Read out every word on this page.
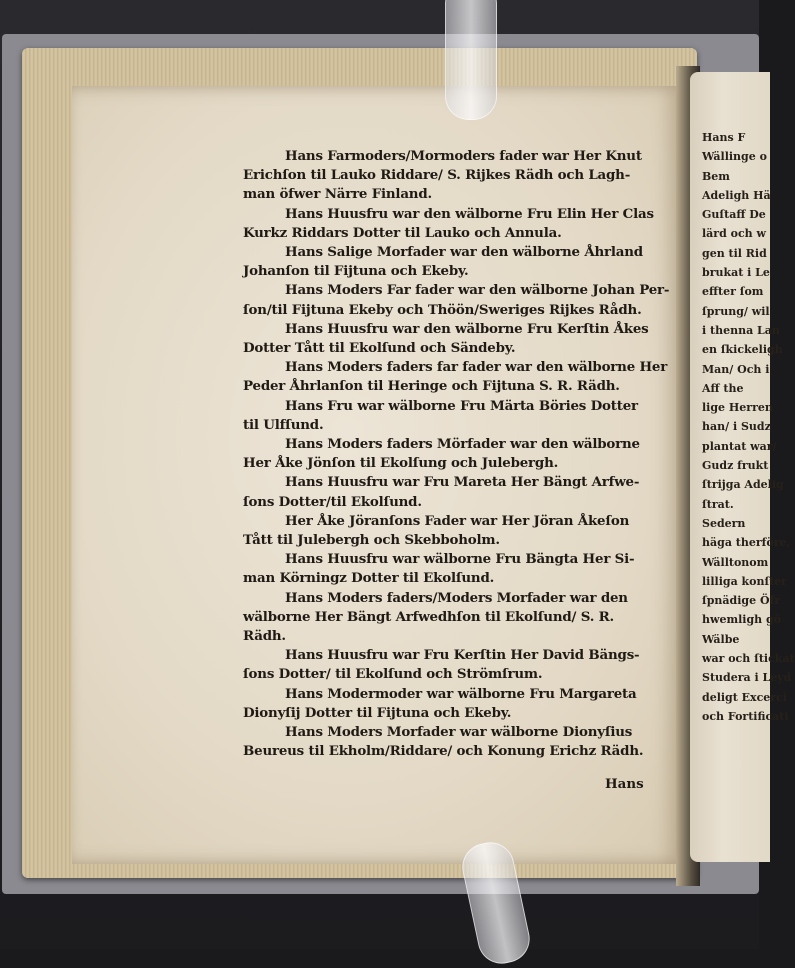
Hans Farmoders/Mormoders fader war Her Knut
Erichſon til Lauko Riddare/ S. Rijkes Rädh och Lagh-
man öfwer Närre Finland.
Hans Huusfru war den wälborne Fru Elin Her Clas
Kurkz Riddars Dotter til Lauko och Annula.
Hans Salige Morfader war den wälborne Åhrland
Johanſon til Fijtuna och Ekeby.
Hans Moders Far fader war den wälborne Johan Per-
ſon/til Fijtuna Ekeby och Thöön/Sweriges Rijkes Rådh.
Hans Huusfru war den wälborne Fru Kerſtin Åkes
Dotter Tått til Ekolſund och Sändeby.
Hans Moders faders far fader war den wälborne Her
Peder Åhrlanſon til Heringe och Fijtuna S. R. Rädh.
Hans Fru war wälborne Fru Märta Böries Dotter
til Ulfſund.
Hans Moders faders Mörfader war den wälborne
Her Åke Jönſon til Ekolſung och Julebergh.
Hans Huusfru war Fru Mareta Her Bängt Arfwe-
ſons Dotter/til Ekolſund.
Her Åke Jöranſons Fader war Her Jöran Åkeſon
Tått til Julebergh och Skebboholm.
Hans Huusfru war wälborne Fru Bängta Her Si-
man Körningz Dotter til Ekolſund.
Hans Moders faders/Moders Morfader war den
wälborne Her Bängt Arfwedhſon til Ekolſund/ S. R.
Rädh.
Hans Huusfru war Fru Kerſtin Her David Bängs-
ſons Dotter/ til Ekolſund och Strömſrum.
Hans Modermoder war wälborne Fru Margareta
Dionyſij Dotter til Fijtuna och Ekeby.
Hans Moders Morfader war wälborne Dionyſius
Beureus til Ekholm/Riddare/ och Konung Erichz Rädh.
Hans
Hans F
Wällinge o
Bem
Adeligh Hä
Guſtaff De
lärd och w
gen til Rid
brukat i Le
effter ſom
ſprung/ wil
i thenna Lan
en ſkickeligh
Man/ Och i
Aff the
lige Herren
han/ i Sudz
plantat war/
Gudz frukt
ſtrijga Adelig
ſtrat.
Sedern
häga therföre,
Wälltonom
lilliga konſter
ſpnädige Öfr
hwemligh gö
Wälbe
war och ſtickat
Studera i Leyd
deligt Excerci
och Fortificati
